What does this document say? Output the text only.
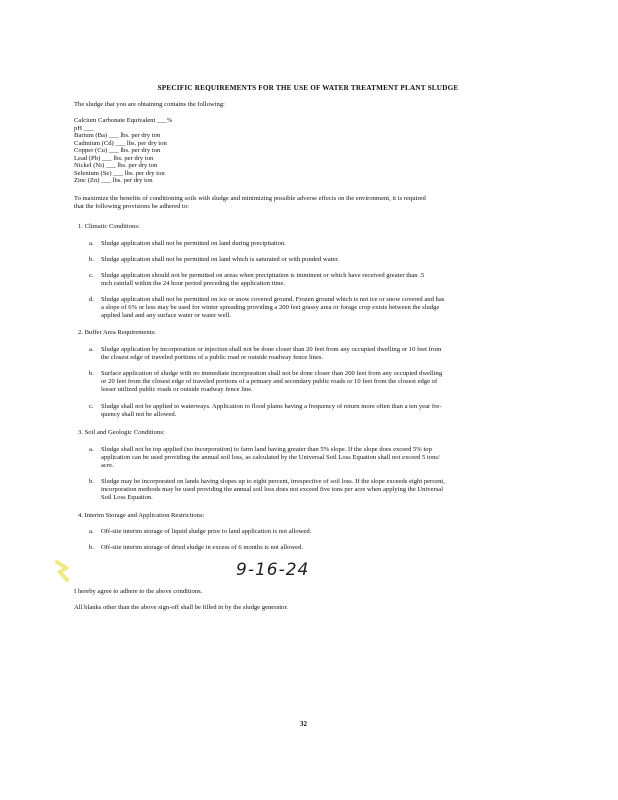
SPECIFIC REQUIREMENTS FOR THE USE OF WATER TREATMENT PLANT SLUDGE
The sludge that you are obtaining contains the following:
Calcium Carbonate Equivalent ___%
pH ___
Barium (Ba) ___ lbs. per dry ton
Cadmium (Cd) ___ lbs. per dry ton
Copper (Cu) ___ lbs. per dry ton
Lead (Pb) ___ lbs. per dry ton
Nickel (Ni) ___ lbs. per dry ton
Selenium (Se) ___ lbs. per dry ton
Zinc (Zn) ___ lbs. per dry ton
To maximize the benefits of conditioning soils with sludge and minimizing possible adverse effects on the environment, it is required
that the following provisions be adhered to:
1. Climatic Conditions:
a. Sludge application shall not be permitted on land during precipitation.
b. Sludge application shall not be permitted on land which is saturated or with ponded water.
c. Sludge application should not be permitted on areas when precipitation is imminent or which have received greater than .5
inch rainfall within the 24 hour period preceding the application time.
d. Sludge application shall not be permitted on ice or snow covered ground. Frozen ground which is not ice or snow covered and has
a slope of 6% or less may be used for winter spreading providing a 200 feet grassy area or forage crop exists between the sludge
applied land and any surface water or water well.
2. Buffer Area Requirements:
a. Sludge application by incorporation or injection shall not be done closer than 20 feet from any occupied dwelling or 10 feet from
the closest edge of traveled portions of a public road or outside roadway fence lines.
b. Surface application of sludge with no immediate incorporation shall not be done closer than 200 feet from any occupied dwelling
or 20 feet from the closest edge of traveled portions of a primary and secondary public roads or 10 feet from the closest edge of
lesser utilized public roads or outside roadway fence line.
c. Sludge shall not be applied to waterways. Application to flood plains having a frequency of return more often than a ten year fre-
quency shall not be allowed.
3. Soil and Geologic Conditions:
a. Sludge shall not be top applied (no incorporation) to farm land having greater than 5% slope. If the slope does exceed 5% top
application can be used providing the annual soil loss, as calculated by the Universal Soil Loss Equation shall not exceed 5 tons/
acre.
b. Sludge may be incorporated on lands having slopes up to eight percent, irrespective of soil loss. If the slope exceeds eight percent,
incorporation methods may be used providing the annual soil loss does not exceed five tons per acre when applying the Universal
Soil Loss Equation.
4. Interim Storage and Application Restrictions:
a. Off-site interim storage of liquid sludge prior to land application is not allowed.
b. Off-site interim storage of dried sludge in excess of 6 months is not allowed.
9-16-24
I hereby agree to adhere to the above conditions.
All blanks other than the above sign-off shall be filled in by the sludge generator.
32
